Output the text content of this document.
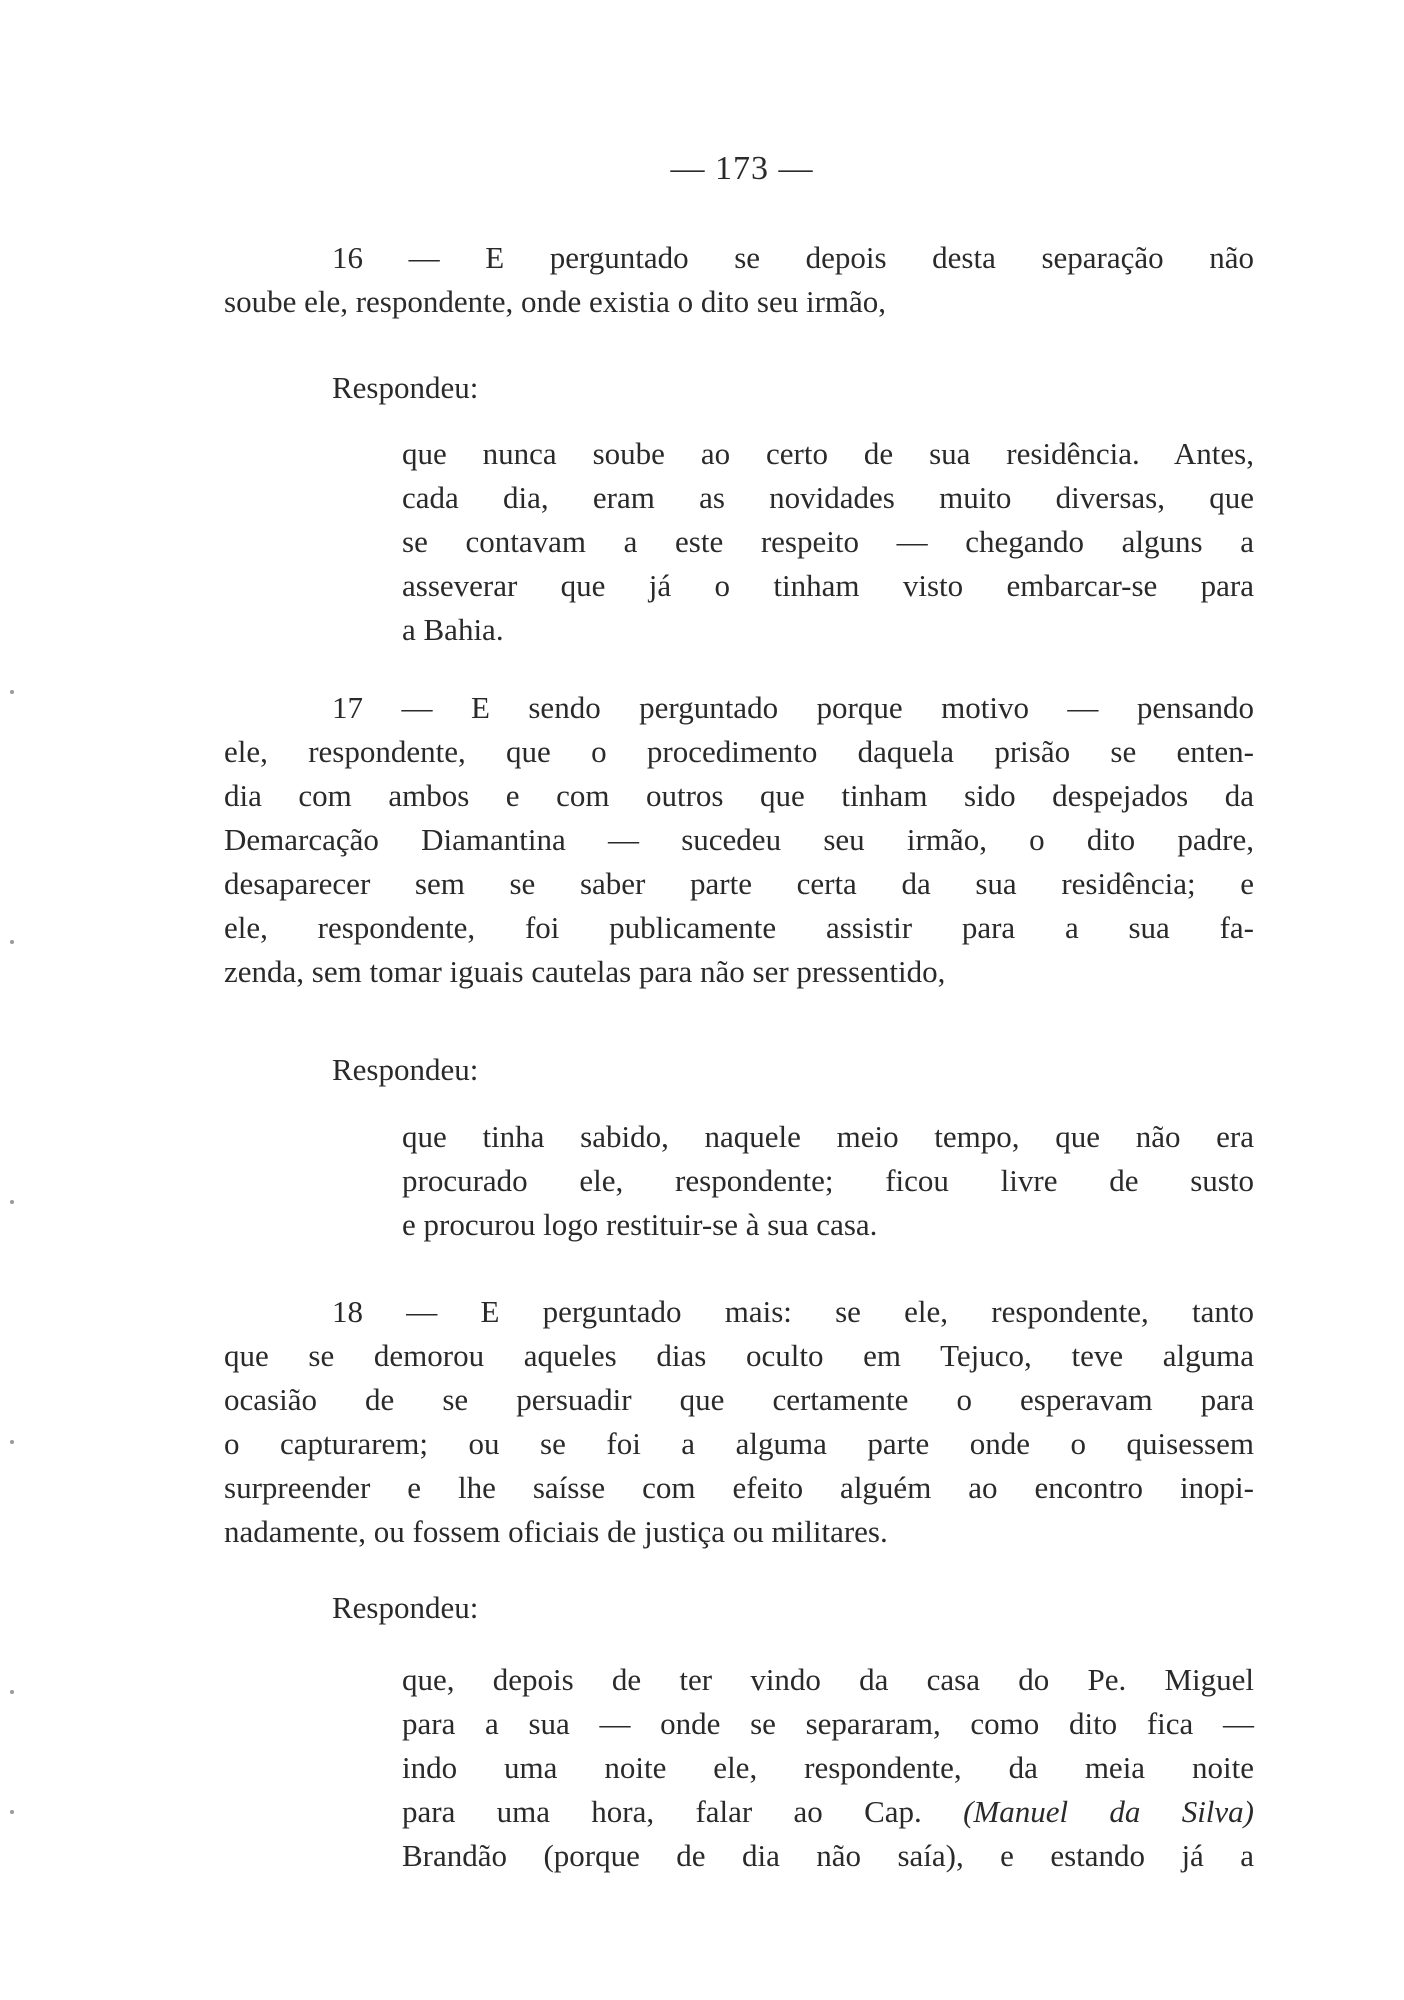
— 173 —
16 — E perguntado se depois desta separação não
soube ele, respondente, onde existia o dito seu irmão,
Respondeu:
que nunca soube ao certo de sua residência. Antes,
cada dia, eram as novidades muito diversas, que
se contavam a este respeito — chegando alguns a
asseverar que já o tinham visto embarcar-se para
a Bahia.
17 — E sendo perguntado porque motivo — pensando
ele, respondente, que o procedimento daquela prisão se enten-
dia com ambos e com outros que tinham sido despejados da
Demarcação Diamantina — sucedeu seu irmão, o dito padre,
desaparecer sem se saber parte certa da sua residência; e
ele, respondente, foi publicamente assistir para a sua fa-
zenda, sem tomar iguais cautelas para não ser pressentido,
Respondeu:
que tinha sabido, naquele meio tempo, que não era
procurado ele, respondente; ficou livre de susto
e procurou logo restituir-se à sua casa.
18 — E perguntado mais: se ele, respondente, tanto
que se demorou aqueles dias oculto em Tejuco, teve alguma
ocasião de se persuadir que certamente o esperavam para
o capturarem; ou se foi a alguma parte onde o quisessem
surpreender e lhe saísse com efeito alguém ao encontro inopi-
nadamente, ou fossem oficiais de justiça ou militares.
Respondeu:
que, depois de ter vindo da casa do Pe. Miguel
para a sua — onde se separaram, como dito fica —
indo uma noite ele, respondente, da meia noite
para uma hora, falar ao Cap. (Manuel da Silva)
Brandão (porque de dia não saía), e estando já a
